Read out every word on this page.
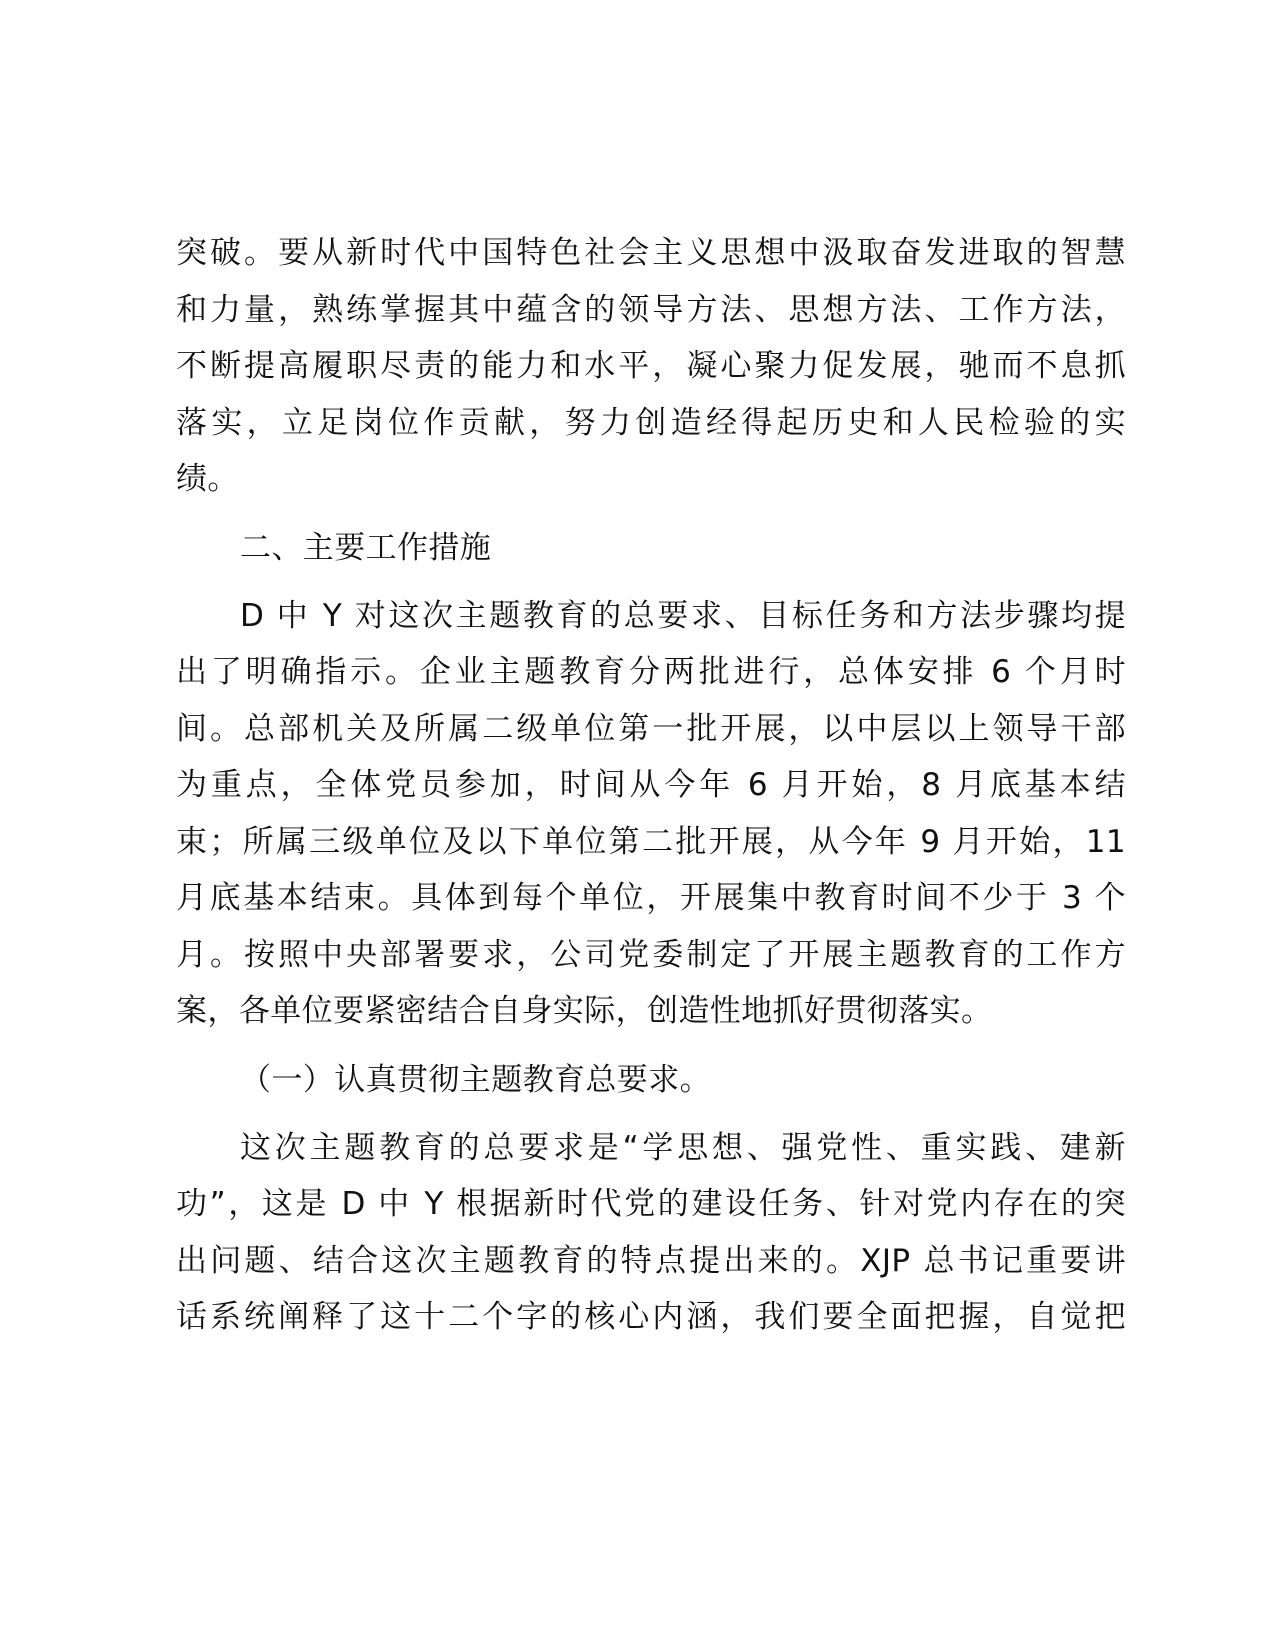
突破。要从新时代中国特色社会主义思想中汲取奋发进取的智慧
和力量，熟练掌握其中蕴含的领导方法、思想方法、工作方法，
不断提高履职尽责的能力和水平，凝心聚力促发展，驰而不息抓
落实，立足岗位作贡献，努力创造经得起历史和人民检验的实
绩。
二、主要工作措施
D 中 Y 对这次主题教育的总要求、目标任务和方法步骤均提
出了明确指示。企业主题教育分两批进行，总体安排 6 个月时
间。总部机关及所属二级单位第一批开展，以中层以上领导干部
为重点，全体党员参加，时间从今年 6 月开始，8 月底基本结
束；所属三级单位及以下单位第二批开展，从今年 9 月开始，11
月底基本结束。具体到每个单位，开展集中教育时间不少于 3 个
月。按照中央部署要求，公司党委制定了开展主题教育的工作方
案，各单位要紧密结合自身实际，创造性地抓好贯彻落实。
（一）认真贯彻主题教育总要求。
这次主题教育的总要求是“学思想、强党性、重实践、建新
功”，这是 D 中 Y 根据新时代党的建设任务、针对党内存在的突
出问题、结合这次主题教育的特点提出来的。XJP 总书记重要讲
话系统阐释了这十二个字的核心内涵，我们要全面把握，自觉把
